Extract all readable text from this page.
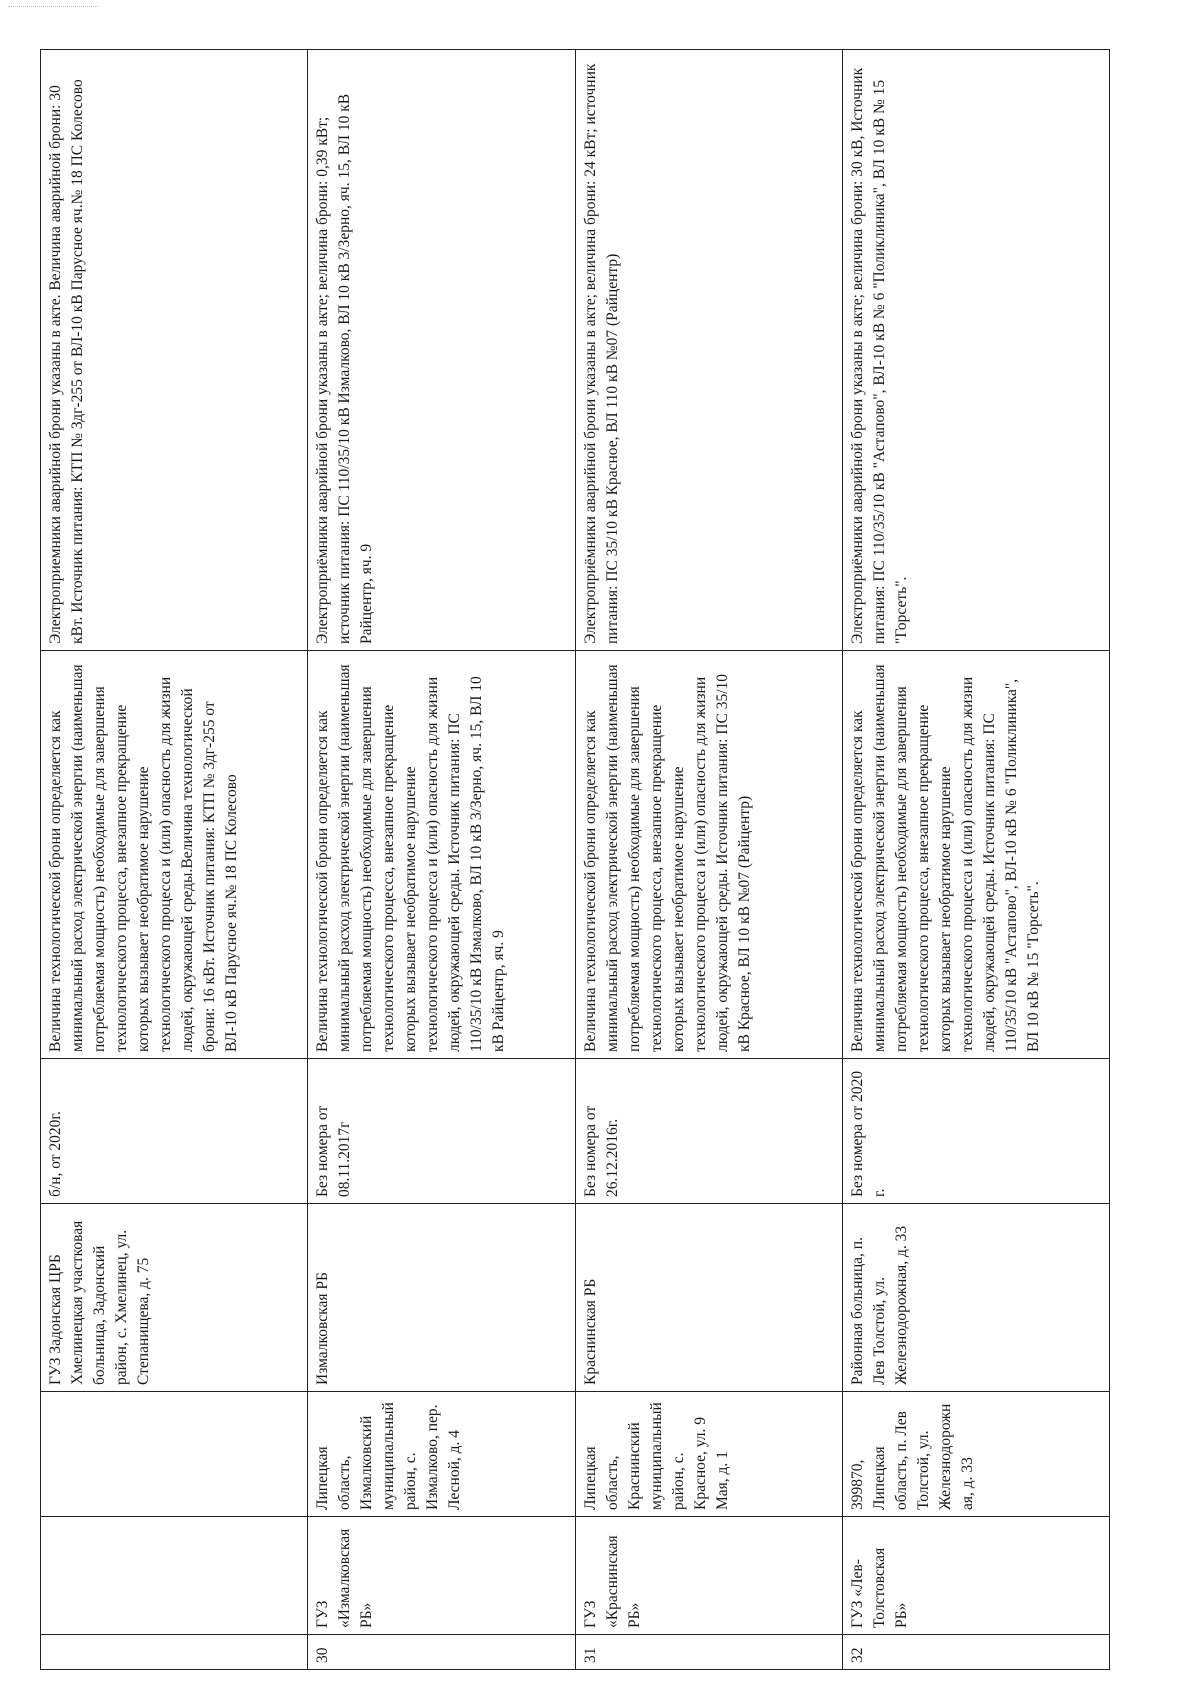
			ГУЗ Задонская ЦРБ Хмелинецкая участковая больница, Задонский район, с. Хмелинец, ул. Степанищева, д. 75	б/н, от 2020г.	Величина технологической брони определяется как минимальный расход электрической энергии (наименьшая потребляемая мощность) необходимые для завершения технологического процесса, внезапное прекращение которых вызывает необратимое нарушение технологического процесса и (или) опасность для жизни людей, окружающей среды.Величина технологической брони: 16 кВт. Источник питания: КТП № Здг-255 от ВЛ-10 кВ Парусное яч.№ 18 ПС Колесово	Электроприемники аварийной брони указаны в акте. Величина аварийной брони: 30 кВт. Источник питания: КТП № Здг-255 от ВЛ-10 кВ Парусное яч.№ 18 ПС Колесово
30	ГУЗ «Измалковская РБ»	Липецкая область, Измалковский муниципальный район, с. Измалково, пер. Лесной, д. 4	Измалковская РБ	Без номера от 08.11.2017г	Величина технологической брони определяется как минимальный расход электрической энергии (наименьшая потребляемая мощность) необходимые для завершения технологического процесса, внезапное прекращение которых вызывает необратимое нарушение технологического процесса и (или) опасность для жизни людей, окружающей среды. Источник питания: ПС 110/35/10 кВ Измалково, ВЛ 10 кВ 3/Зерно, яч. 15, ВЛ 10 кВ Райцентр, яч. 9	Электроприёмники аварийной брони указаны в акте; величина брони: 0,39 кВт; источник питания: ПС 110/35/10 кВ Измалково, ВЛ 10 кВ 3/Зерно, яч. 15, ВЛ 10 кВ Райцентр, яч. 9
31	ГУЗ «Краснинская РБ»	Липецкая область, Краснинский муниципальный район, с. Красное, ул. 9 Мая, д. 1	Краснинская РБ	Без номера от 26.12.2016г.	Величина технологической брони определяется как минимальный расход электрической энергии (наименьшая потребляемая мощность) необходимые для завершения технологического процесса, внезапное прекращение которых вызывает необратимое нарушение технологического процесса и (или) опасность для жизни людей, окружающей среды. Источник питания: ПС 35/10 кВ Красное, ВЛ 10 кВ №07 (Райцентр)	Электроприёмники аварийной брони указаны в акте; величина брони: 24 кВт; источник питания: ПС 35/10 кВ Красное, ВЛ 110 кВ №07 (Райцентр)
32	ГУЗ «Лев-Толстовская РБ»	399870, Липецкая область, п. Лев Толстой, ул. Железнодорожная, д. 33	Районная больница, п. Лев Толстой, ул. Железнодорожная, д. 33	Без номера от 2020 г.	Величина технологической брони определяется как минимальный расход электрической энергии (наименьшая потребляемая мощность) необходимые для завершения технологического процесса, внезапное прекращение которых вызывает необратимое нарушение технологического процесса и (или) опасность для жизни людей, окружающей среды. Источник питания: ПС 110/35/10 кВ "Астапово", ВЛ-10 кВ № 6 "Поликлиника", ВЛ 10 кВ № 15 "Горсеть".	Электроприёмники аварийной брони указаны в акте; величина брони: 30 кВ, Источник питания: ПС 110/35/10 кВ "Астапово", ВЛ-10 кВ № 6 "Поликлиника", ВЛ 10 кВ № 15 "Горсеть".
